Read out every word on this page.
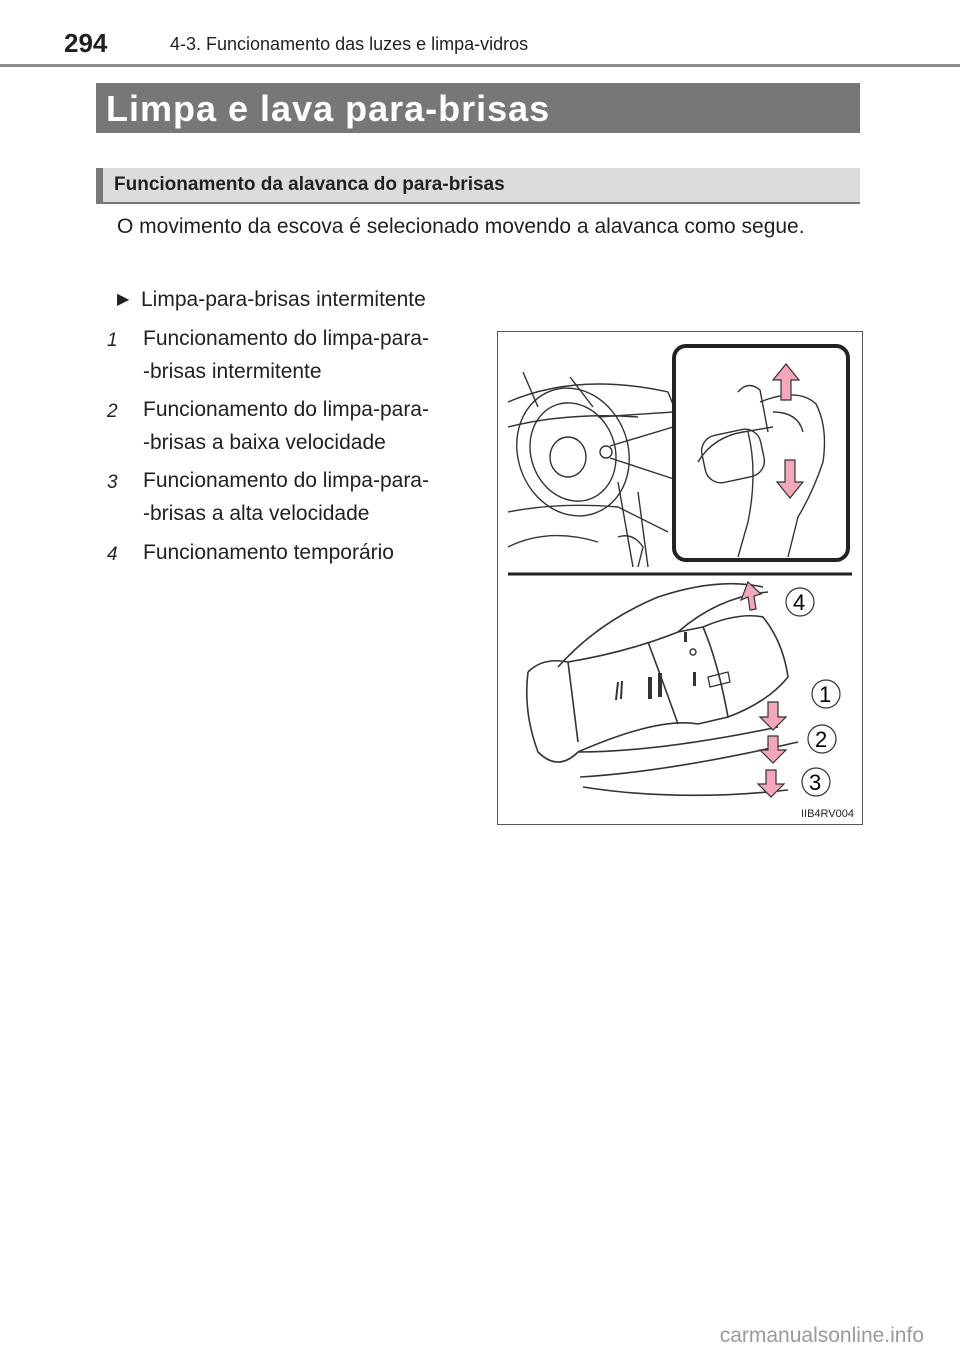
294	4-3. Funcionamento das luzes e limpa-vidros
Limpa e lava para-brisas
Funcionamento da alavanca do para-brisas

O movimento da escova é selecionado movendo a alavanca como segue.

▶ Limpa-para-brisas intermitente
1	Funcionamento do limpa-para-
-brisas intermitente
2	Funcionamento do limpa-para-
-brisas a baixa velocidade
3	Funcionamento do limpa-para-
-brisas a alta velocidade
4	Funcionamento temporário
4
1
2
3
IIB4RV004
carmanualsonline.info
